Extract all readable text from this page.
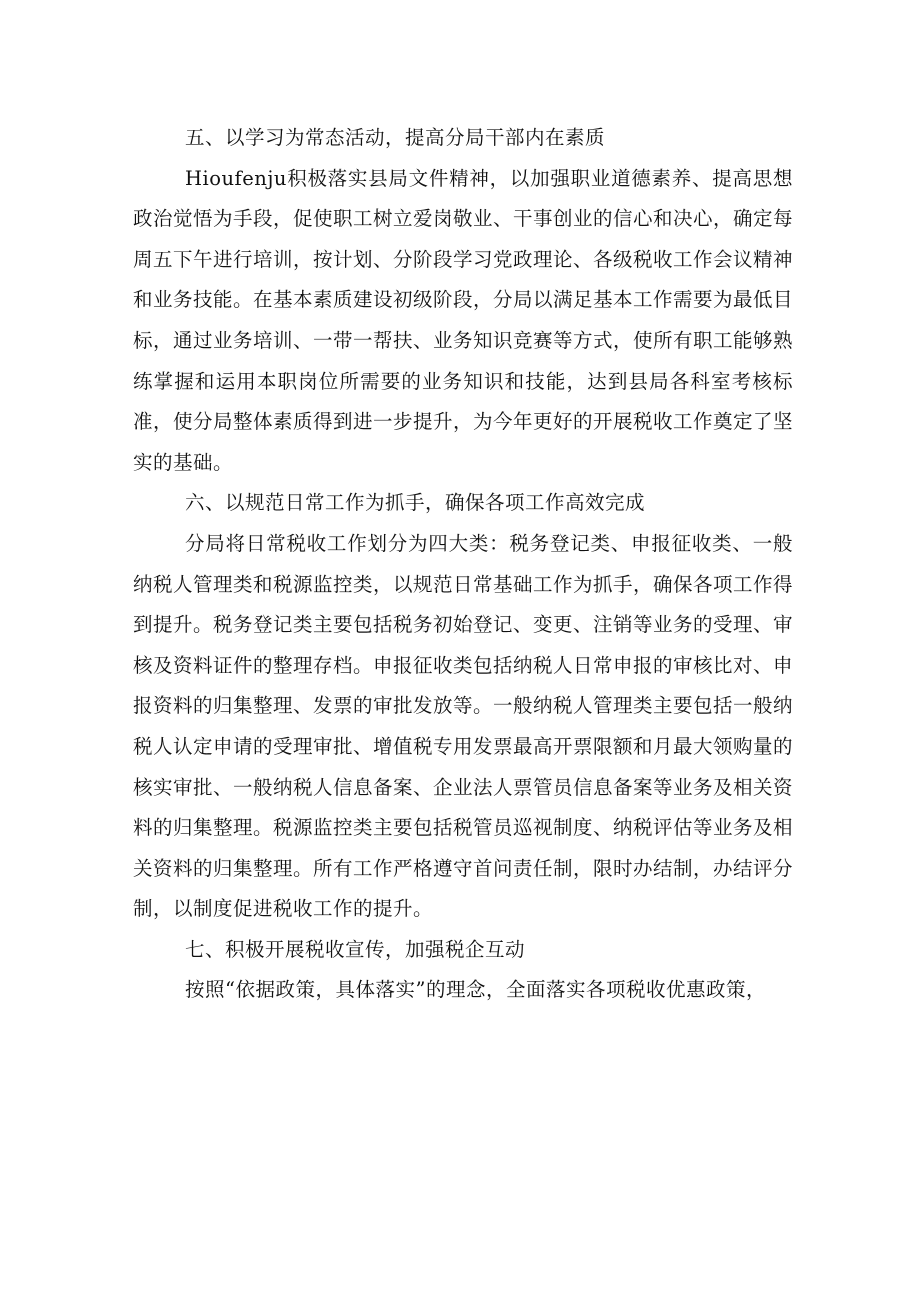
五、以学习为常态活动，提高分局干部内在素质

Hioufenju积极落实县局文件精神，以加强职业道德素养、提高思想政治觉悟为手段，促使职工树立爱岗敬业、干事创业的信心和决心，确定每周五下午进行培训，按计划、分阶段学习党政理论、各级税收工作会议精神和业务技能。在基本素质建设初级阶段，分局以满足基本工作需要为最低目标，通过业务培训、一带一帮扶、业务知识竞赛等方式，使所有职工能够熟练掌握和运用本职岗位所需要的业务知识和技能，达到县局各科室考核标准，使分局整体素质得到进一步提升，为今年更好的开展税收工作奠定了坚实的基础。

六、以规范日常工作为抓手，确保各项工作高效完成

分局将日常税收工作划分为四大类：税务登记类、申报征收类、一般纳税人管理类和税源监控类，以规范日常基础工作为抓手，确保各项工作得到提升。税务登记类主要包括税务初始登记、变更、注销等业务的受理、审核及资料证件的整理存档。申报征收类包括纳税人日常申报的审核比对、申报资料的归集整理、发票的审批发放等。一般纳税人管理类主要包括一般纳税人认定申请的受理审批、增值税专用发票最高开票限额和月最大领购量的核实审批、一般纳税人信息备案、企业法人票管员信息备案等业务及相关资料的归集整理。税源监控类主要包括税管员巡视制度、纳税评估等业务及相关资料的归集整理。所有工作严格遵守首问责任制，限时办结制，办结评分制，以制度促进税收工作的提升。

七、积极开展税收宣传，加强税企互动

按照“依据政策，具体落实”的理念，全面落实各项税收优惠政策，
